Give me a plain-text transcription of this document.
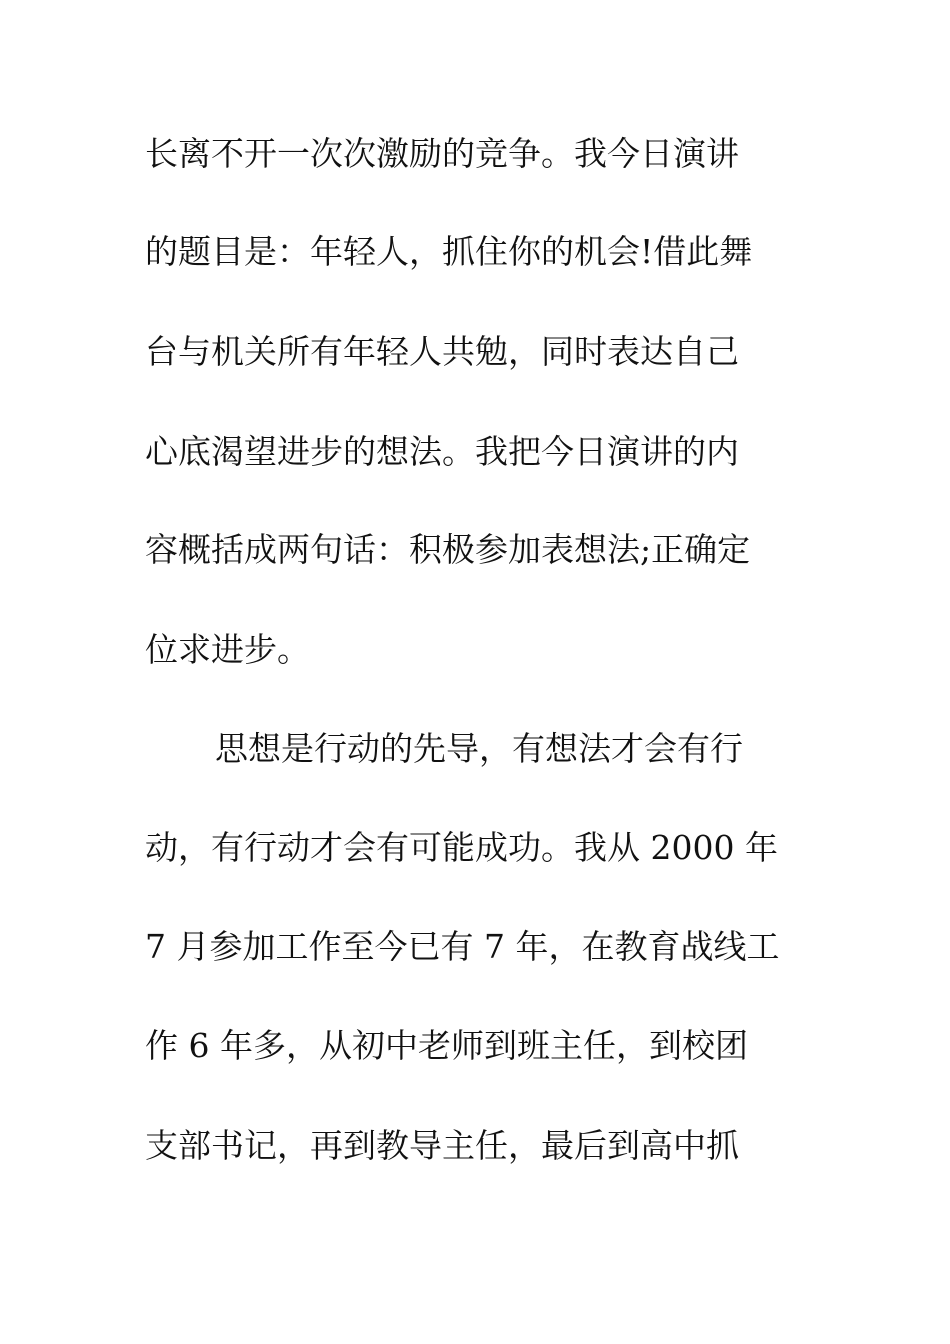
长离不开一次次激励的竞争。我今日演讲

的题目是：年轻人，抓住你的机会!借此舞

台与机关所有年轻人共勉，同时表达自己

心底渴望进步的想法。我把今日演讲的内

容概括成两句话：积极参加表想法;正确定

位求进步。

思想是行动的先导，有想法才会有行

动，有行动才会有可能成功。我从 2000 年

7 月参加工作至今已有 7 年，在教育战线工

作 6 年多，从初中老师到班主任，到校团

支部书记，再到教导主任，最后到高中抓
